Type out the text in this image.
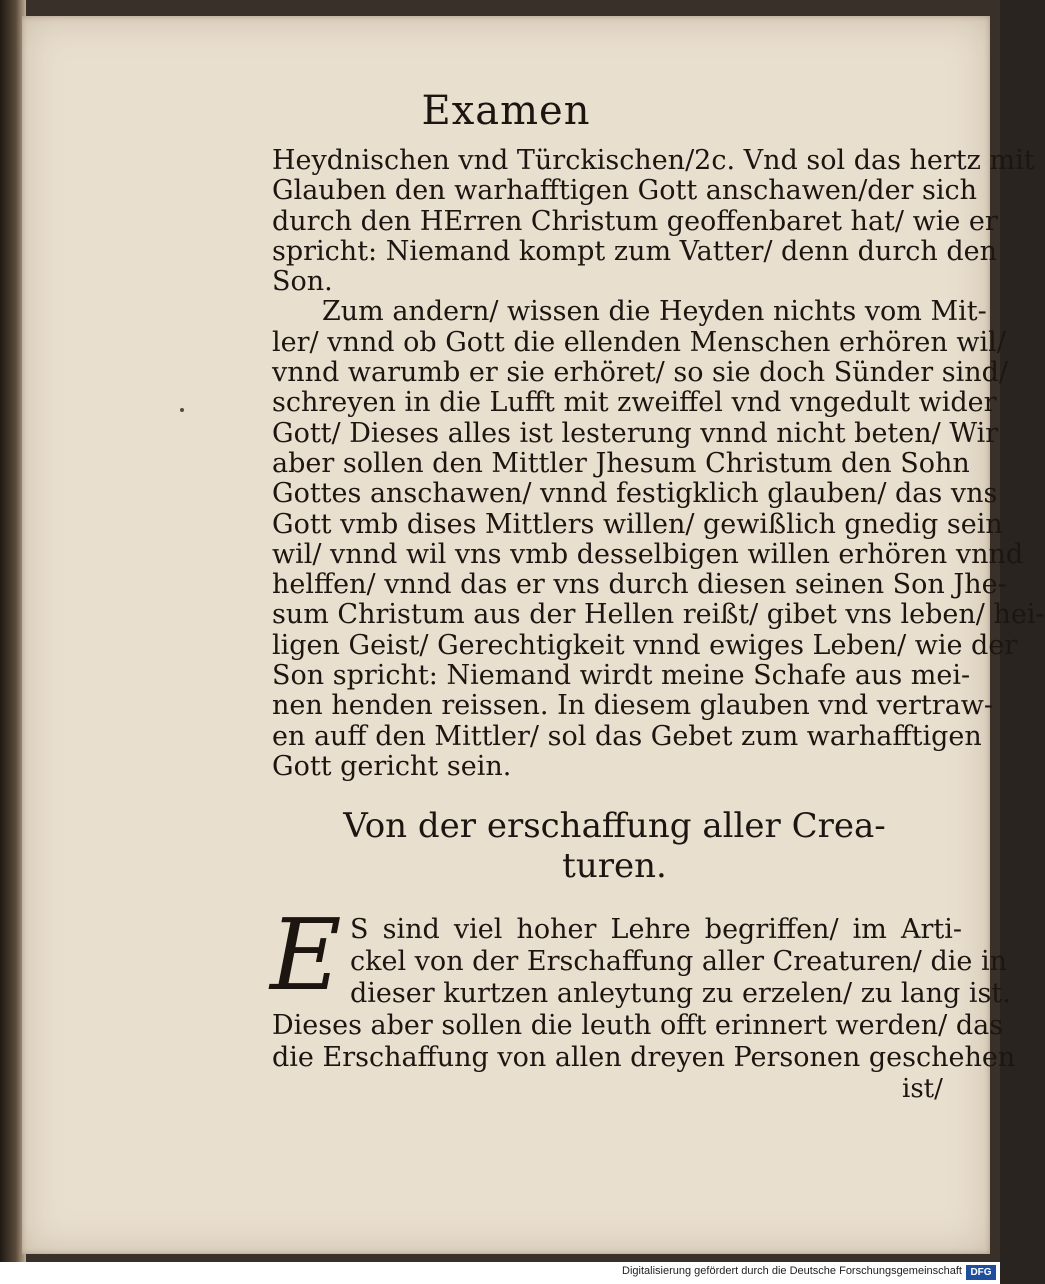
Examen
Heydnischen vnd Türckischen/2c. Vnd sol das hertz mit
Glauben den warhafftigen Gott anschawen/der sich
durch den HErren Christum geoffenbaret hat/ wie er
spricht: Niemand kompt zum Vatter/ denn durch den
Son.
Zum andern/ wissen die Heyden nichts vom Mit-
ler/ vnnd ob Gott die ellenden Menschen erhören wil/
vnnd warumb er sie erhöret/ so sie doch Sünder sind/
schreyen in die Lufft mit zweiffel vnd vngedult wider
Gott/ Dieses alles ist lesterung vnnd nicht beten/ Wir
aber sollen den Mittler Jhesum Christum den Sohn
Gottes anschawen/ vnnd festigklich glauben/ das vns
Gott vmb dises Mittlers willen/ gewißlich gnedig sein
wil/ vnnd wil vns vmb desselbigen willen erhören vnnd
helffen/ vnnd das er vns durch diesen seinen Son Jhe-
sum Christum aus der Hellen reißt/ gibet vns leben/ hei-
ligen Geist/ Gerechtigkeit vnnd ewiges Leben/ wie der
Son spricht: Niemand wirdt meine Schafe aus mei-
nen henden reissen. In diesem glauben vnd vertraw-
en auff den Mittler/ sol das Gebet zum warhafftigen
Gott gericht sein.
Von der erschaffung aller Crea-
turen.
E S sind viel hoher Lehre begriffen/ im Arti-
ckel von der Erschaffung aller Creaturen/ die in
dieser kurtzen anleytung zu erzelen/ zu lang ist.
Dieses aber sollen die leuth offt erinnert werden/ das
die Erschaffung von allen dreyen Personen geschehen
ist/
Digitalisierung gefördert durch die Deutsche Forschungsgemeinschaft DFG
